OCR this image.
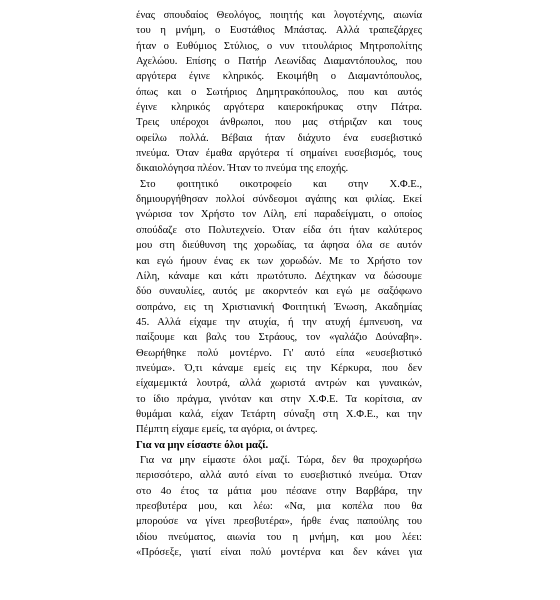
ένας σπουδαίος Θεολόγος, ποιητής και λογοτέχνης, αιωνία
του η μνήμη, ο Ευστάθιος Μπάστας. Αλλά τραπεζάρχες
ήταν ο Ευθύμιος Στύλιος, ο νυν τιτουλάριος Μητροπολίτης
Αχελώου. Επίσης ο Πατήρ Λεωνίδας Διαμαντόπουλος, που
αργότερα έγινε κληρικός. Εκοιμήθη ο Διαμαντόπουλος,
όπως και ο Σωτήριος Δημητρακόπουλος, που και αυτός
έγινε κληρικός αργότερα καιεροκήρυκας στην Πάτρα.
Τρεις υπέροχοι άνθρωποι, που μας στήριζαν και τους
οφείλω πολλά. Βέβαια ήταν διάχυτο ένα ευσεβιστικό
πνεύμα. Όταν έμαθα αργότερα τί σημαίνει ευσεβισμός, τους
δικαιολόγησα πλέον. Ήταν το πνεύμα της εποχής.
Στο φοιτητικό οικοτροφείο και στην Χ.Φ.Ε.,
δημιουργήθησαν πολλοί σύνδεσμοι αγάπης και φιλίας. Εκεί
γνώρισα τον Χρήστο τον Λίλη, επί παραδείγματι, ο οποίος
σπούδαζε στο Πολυτεχνείο. Όταν είδα ότι ήταν καλύτερος
μου στη διεύθυνση της χορωδίας, τα άφησα όλα σε αυτόν
και εγώ ήμουν ένας εκ των χορωδών. Με το Χρήστο τον
Λίλη, κάναμε και κάτι πρωτότυπο. Δέχτηκαν να δώσουμε
δύο συναυλίες, αυτός με ακορντεόν και εγώ με σαξόφωνο
σοπράνο, εις τη Χριστιανική Φοιτητική Ένωση, Ακαδημίας
45. Αλλά είχαμε την ατυχία, ή την ατυχή έμπνευση, να
παίξουμε και βαλς του Στράους, τον «γαλάζιο Δούναβη».
Θεωρήθηκε πολύ μοντέρνο. Γι' αυτό είπα «ευσεβιστικό
πνεύμα». Ό,τι κάναμε εμείς εις την Κέρκυρα, που δεν
είχαμεμικτά λουτρά, αλλά χωριστά αντρών και γυναικών,
το ίδιο πράγμα, γινόταν και στην Χ.Φ.Ε. Τα κορίτσια, αν
θυμάμαι καλά, είχαν Τετάρτη σύναξη στη Χ.Φ.Ε., και την
Πέμπτη είχαμε εμείς, τα αγόρια, οι άντρες.
Για να μην είσαστε όλοι μαζί.
Για να μην είμαστε όλοι μαζί. Τώρα, δεν θα προχωρήσω
περισσότερο, αλλά αυτό είναι το ευσεβιστικό πνεύμα. Όταν
στο 4ο έτος τα μάτια μου πέσανε στην Βαρβάρα, την
πρεσβυτέρα μου, και λέω: «Να, μια κοπέλα που θα
μπορούσε να γίνει πρεσβυτέρα», ήρθε ένας παπούλης του
ιδίου πνεύματος, αιωνία του η μνήμη, και μου λέει:
«Πρόσεξε, γιατί είναι πολύ μοντέρνα και δεν κάνει για
